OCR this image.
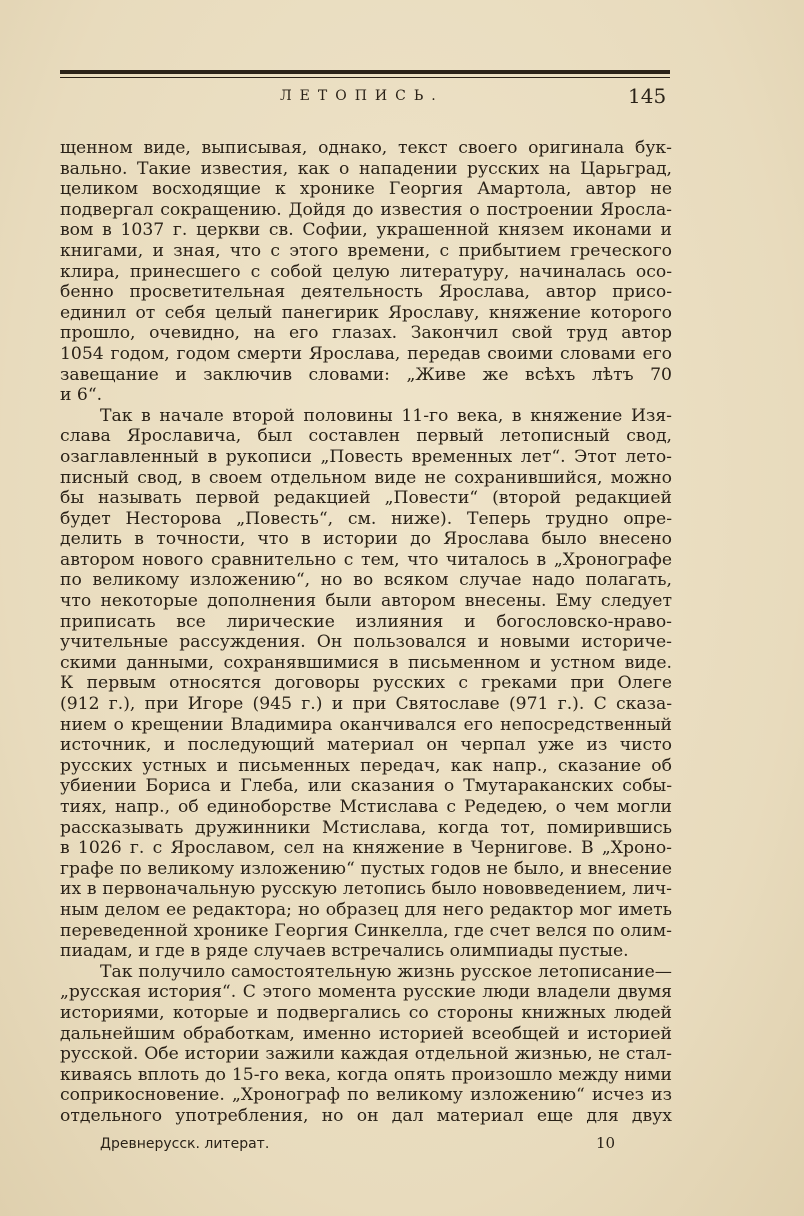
ЛЕТОПИСЬ.	145
щенном виде, выписывая, однако, текст своего оригинала бук-
вально. Такие известия, как о нападении русских на Царьград,
целиком восходящие к хронике Георгия Амартола, автор не
подвергал сокращению. Дойдя до известия о построении Яросла-
вом в 1037 г. церкви св. Софии, украшенной князем иконами и
книгами, и зная, что с этого времени, с прибытием греческого
клира, принесшего с собой целую литературу, начиналась осо-
бенно просветительная деятельность Ярослава, автор присо-
единил от себя целый панегирик Ярославу, княжение которого
прошло, очевидно, на его глазах. Закончил свой труд автор
1054 годом, годом смерти Ярослава, передав своими словами его
завещание и заключив словами: „Живе же всѣхъ лѣтъ 70
и 6“.
Так в начале второй половины 11-го века, в княжение Изя-
слава Ярославича, был составлен первый летописный свод,
озаглавленный в рукописи „Повесть временных лет“. Этот лето-
писный свод, в своем отдельном виде не сохранившийся, можно
бы называть первой редакцией „Повести“ (второй редакцией
будет Несторова „Повесть“, см. ниже). Теперь трудно опре-
делить в точности, что в истории до Ярослава было внесено
автором нового сравнительно с тем, что читалось в „Хронографе
по великому изложению“, но во всяком случае надо полагать,
что некоторые дополнения были автором внесены. Ему следует
приписать все лирические излияния и богословско-нраво-
учительные рассуждения. Он пользовался и новыми историче-
скими данными, сохранявшимися в письменном и устном виде.
К первым относятся договоры русских с греками при Олеге
(912 г.), при Игоре (945 г.) и при Святославе (971 г.). С сказа-
нием о крещении Владимира оканчивался его непосредственный
источник, и последующий материал он черпал уже из чисто
русских устных и письменных передач, как напр., сказание об
убиении Бориса и Глеба, или сказания о Тмутараканских собы-
тиях, напр., об единоборстве Мстислава с Редедею, о чем могли
рассказывать дружинники Мстислава, когда тот, помирившись
в 1026 г. с Ярославом, сел на княжение в Чернигове. В „Хроно-
графе по великому изложению“ пустых годов не было, и внесение
их в первоначальную русскую летопись было нововведением, лич-
ным делом ее редактора; но образец для него редактор мог иметь
переведенной хронике Георгия Синкелла, где счет велся по олим-
пиадам, и где в ряде случаев встречались олимпиады пустые.
Так получило самостоятельную жизнь русское летописание—
„русская история“. С этого момента русские люди владели двумя
историями, которые и подвергались со стороны книжных людей
дальнейшим обработкам, именно историей всеобщей и историей
русской. Обе истории зажили каждая отдельной жизнью, не стал-
киваясь вплоть до 15-го века, когда опять произошло между ними
соприкосновение. „Хронограф по великому изложению“ исчез из
отдельного употребления, но он дал материал еще для двух
Древнерусск. литерат.	10
